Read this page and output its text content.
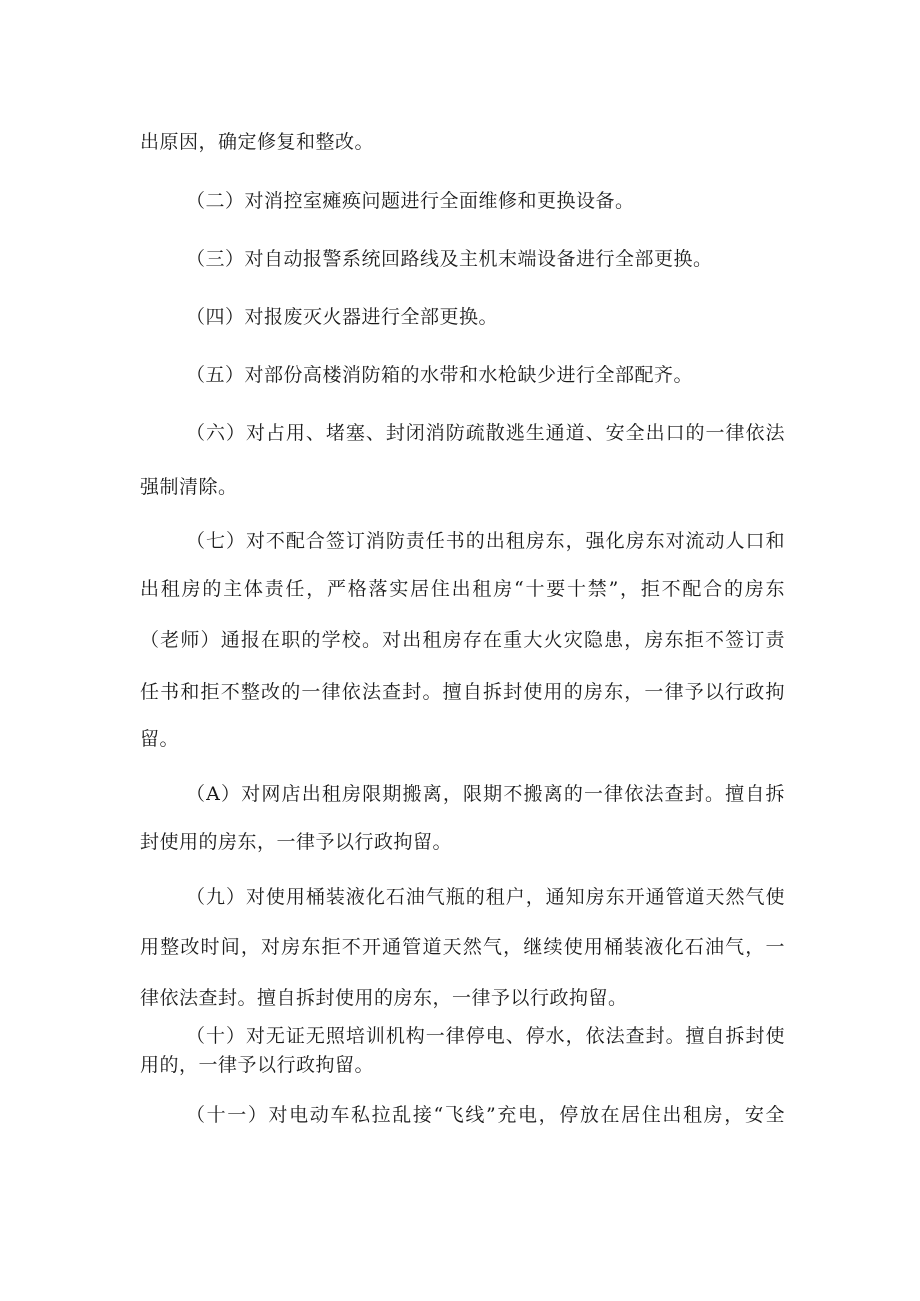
出原因，确定修复和整改。
（二）对消控室瘫痪问题进行全面维修和更换设备。
（三）对自动报警系统回路线及主机末端设备进行全部更换。
（四）对报废灭火器进行全部更换。
（五）对部份高楼消防箱的水带和水枪缺少进行全部配齐。
（六）对占用、堵塞、封闭消防疏散逃生通道、安全出口的一律依法
强制清除。
（七）对不配合签订消防责任书的出租房东，强化房东对流动人口和
出租房的主体责任，严格落实居住出租房“十要十禁”，拒不配合的房东
（老师）通报在职的学校。对出租房存在重大火灾隐患，房东拒不签订责
任书和拒不整改的一律依法查封。擅自拆封使用的房东，一律予以行政拘
留。
（A）对网店出租房限期搬离，限期不搬离的一律依法查封。擅自拆
封使用的房东，一律予以行政拘留。
（九）对使用桶装液化石油气瓶的租户，通知房东开通管道天然气使
用整改时间，对房东拒不开通管道天然气，继续使用桶装液化石油气，一
律依法查封。擅自拆封使用的房东，一律予以行政拘留。
（十）对无证无照培训机构一律停电、停水，依法查封。擅自拆封使
用的，一律予以行政拘留。
（十一）对电动车私拉乱接“飞线”充电，停放在居住出租房，安全
